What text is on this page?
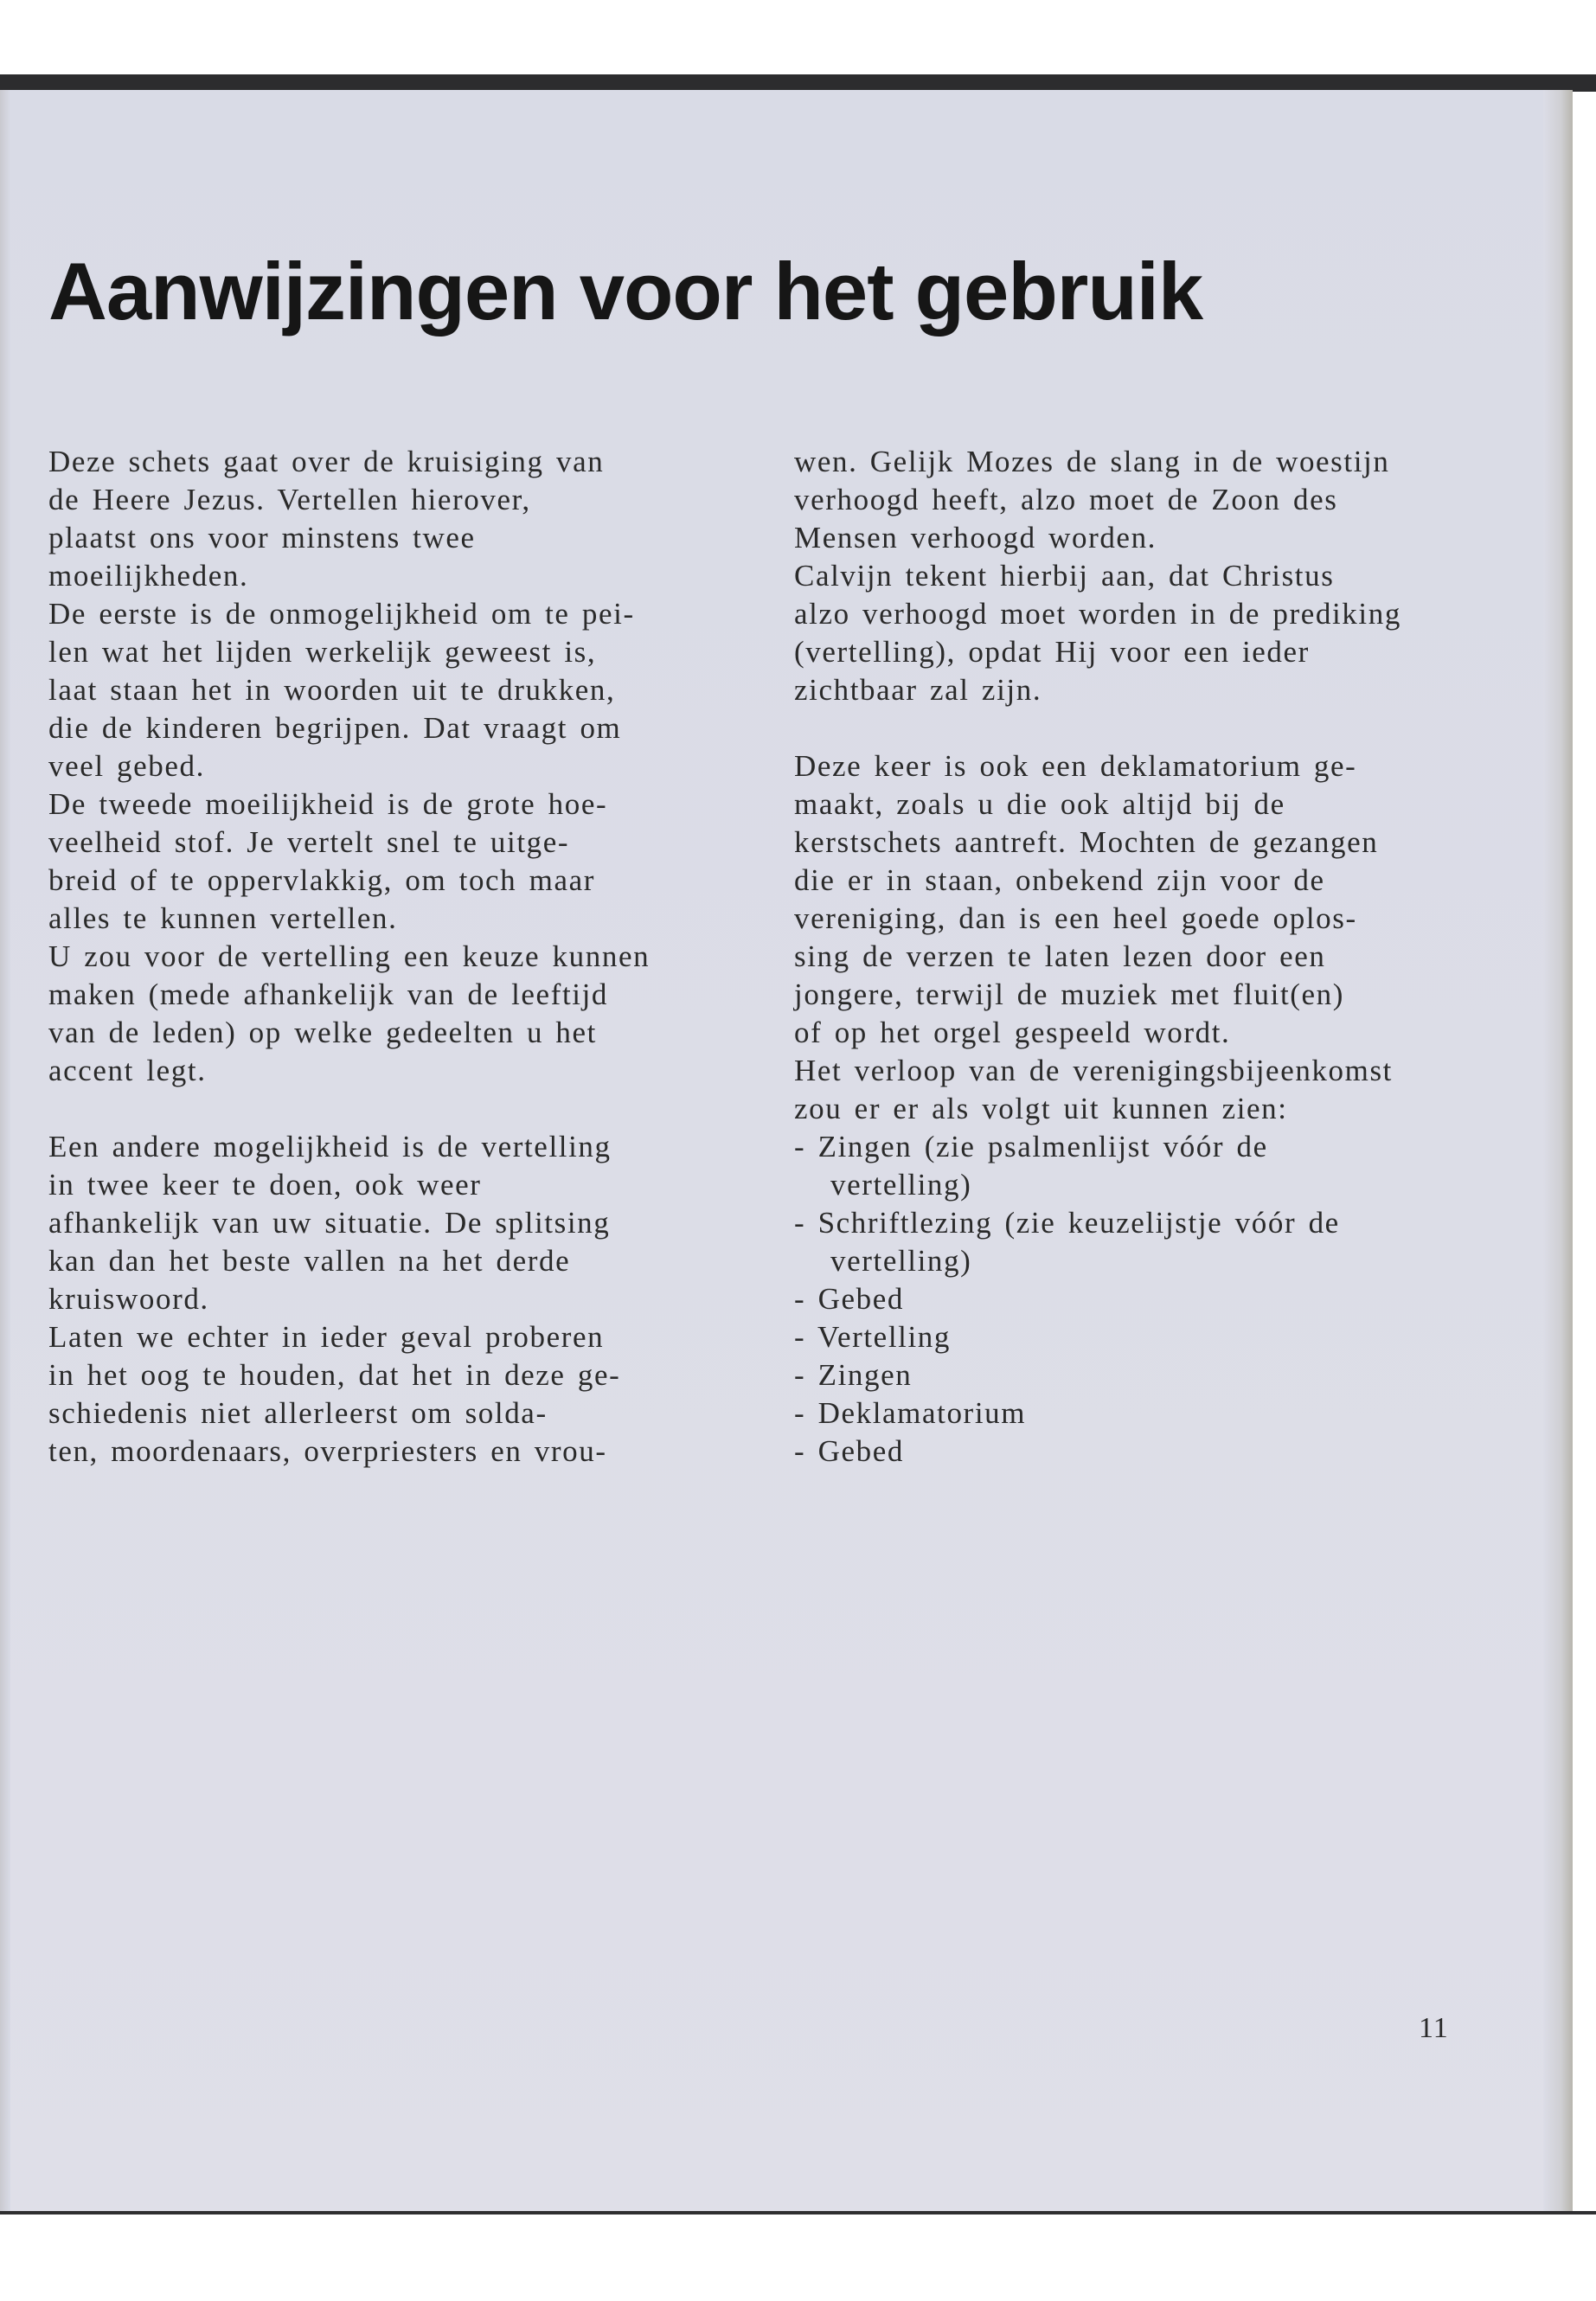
Aanwijzingen voor het gebruik
Deze schets gaat over de kruisiging van
de Heere Jezus. Vertellen hierover,
plaatst ons voor minstens twee
moeilijkheden.
De eerste is de onmogelijkheid om te pei-
len wat het lijden werkelijk geweest is,
laat staan het in woorden uit te drukken,
die de kinderen begrijpen. Dat vraagt om
veel gebed.
De tweede moeilijkheid is de grote hoe-
veelheid stof. Je vertelt snel te uitge-
breid of te oppervlakkig, om toch maar
alles te kunnen vertellen.
U zou voor de vertelling een keuze kunnen
maken (mede afhankelijk van de leeftijd
van de leden) op welke gedeelten u het
accent legt.
Een andere mogelijkheid is de vertelling
in twee keer te doen, ook weer
afhankelijk van uw situatie. De splitsing
kan dan het beste vallen na het derde
kruiswoord.
Laten we echter in ieder geval proberen
in het oog te houden, dat het in deze ge-
schiedenis niet allerleerst om solda-
ten, moordenaars, overpriesters en vrou-
wen. Gelijk Mozes de slang in de woestijn
verhoogd heeft, alzo moet de Zoon des
Mensen verhoogd worden.
Calvijn tekent hierbij aan, dat Christus
alzo verhoogd moet worden in de prediking
(vertelling), opdat Hij voor een ieder
zichtbaar zal zijn.
Deze keer is ook een deklamatorium ge-
maakt, zoals u die ook altijd bij de
kerstschets aantreft. Mochten de gezangen
die er in staan, onbekend zijn voor de
vereniging, dan is een heel goede oplos-
sing de verzen te laten lezen door een
jongere, terwijl de muziek met fluit(en)
of op het orgel gespeeld wordt.
Het verloop van de verenigingsbijeenkomst
zou er er als volgt uit kunnen zien:
- Zingen (zie psalmenlijst vóór de
vertelling)
- Schriftlezing (zie keuzelijstje vóór de
vertelling)
- Gebed
- Vertelling
- Zingen
- Deklamatorium
- Gebed
11
